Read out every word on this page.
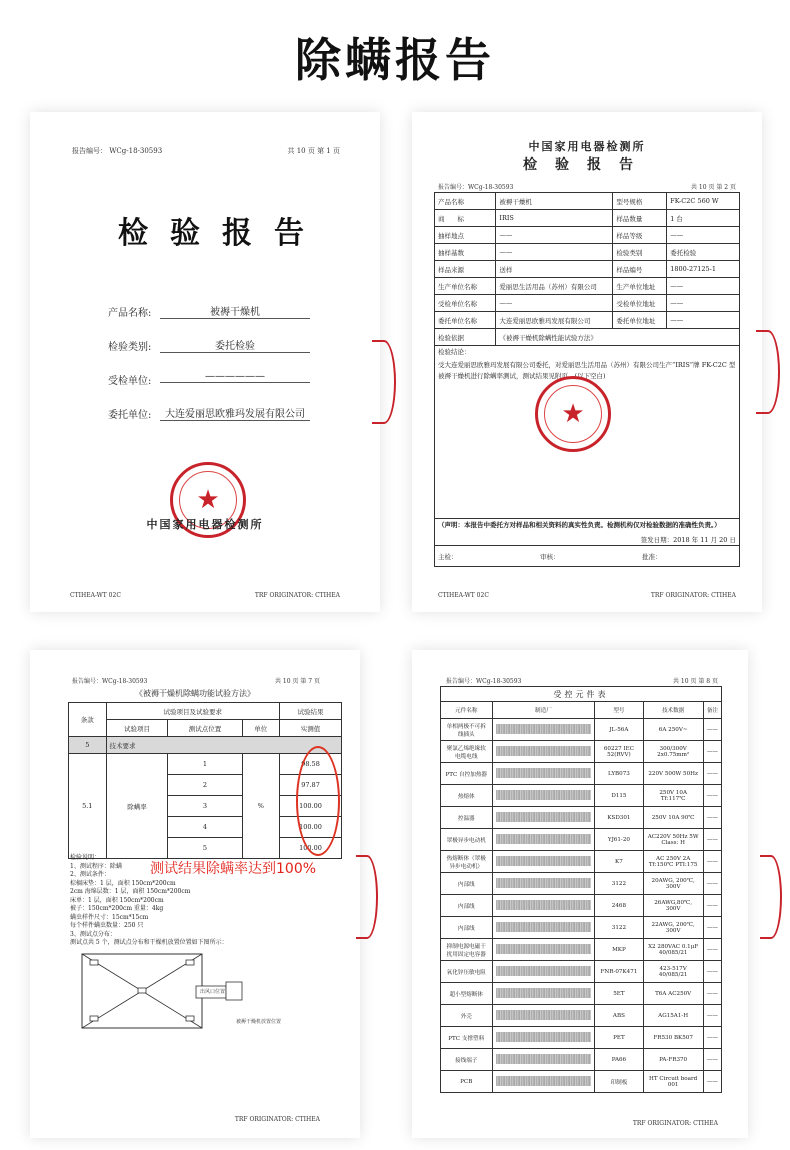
除螨报告
报告编号： WCg-18-30593	共 10 页 第 1 页
检验报告
产品名称:	被褥干燥机
检验类别:	委托检验
受检单位:	——————
委托单位:	大连爱丽思欧雅玛发展有限公司
★
中国家用电器检测所
CTIHEA-WT 02C	TRF ORIGINATOR: CTIHEA
中国家用电器检测所
检验报告
报告编号：WCg-18-30593	共 10 页 第 2 页
产品名称	被褥干燥机	型号规格	FK-C2C 560 W
商　　标	IRIS	样品数量	1 台
抽样地点	——	样品等级	——
抽样基数	——	检验类别	委托检验
样品来源	送样	样品编号	1800-27125-1
生产单位名称	爱丽思生活用品（苏州）有限公司	生产单位地址	——
受检单位名称	——	受检单位地址	——
委托单位名称	大连爱丽思欧雅玛发展有限公司	委托单位地址	——
检验依据	《被褥干燥机除螨性能试验方法》		

检验结论：
受大连爱丽思欧雅玛发展有限公司委托，对爱丽思生活用品（苏州）有限公司生产“IRIS”牌 FK-C2C 型被褥干燥机进行除螨率测试，测试结果见附页。(以下空白)
★			

（声明：本报告中委托方对样品和相关资料的真实性负责。检测机构仅对检验数据的准确性负责。）
签发日期：2018 年 11 月 20 日			

主检： 审核： 批准：			
CTIHEA-WT 02C	TRF ORIGINATOR: CTIHEA
报告编号：WCg-18-30593	共 10 页 第 7 页
《被褥干燥机除螨功能试验方法》
条款	试验项目及试验要求			试验结果
	试验项目	测试点位置	单位	实测值
5	技术要求			
5.1	除螨率	1	%	98.58
		2		97.87
		3		100.00
		4		100.00
		5		100.00
检验说明：
1、测试程序：除螨
2、测试条件：
棕榈床垫：1 层，面积 150cm*200cm
2cm 海绵层数：1 层，面积 150cm*200cm
床单：1 层，面积 150cm*200cm
被子：150cm*200cm 重量：4kg
螨虫样件尺寸：15cm*15cm
每个样件螨虫数量：250 只
3、测试点分布：
测试点共 5 个，测试点分布和干燥机放置位置如下图所示：
出风口位置
被褥干燥机放置位置
TRF ORIGINATOR: CTIHEA
测试结果除螨率达到100%
报告编号：WCg-18-30593	共 10 页 第 8 页
受控元件表				
元件名称	制造厂	型号	技术数据	备注
单相两极不可拆线插头		JL-56A	6A 250V~	——
聚氯乙烯绝缘软电缆电线		60227 IEC 52(RVV)	300/300V 2x0.75mm²	——
PTC 自控加热器		LYB073	220V 500W 50Hz	——
热熔体		D115	250V 10A Tf:117℃	——
控温器		KSD301	250V 10A 90℃	——
罩极异步电动机		YJ61-20	AC220V 50Hz 5W Class: H	——
热熔断体（罩极异步电动机）		K7	AC 250V 2A Tf:150℃ PTI:175	——
内部线		3122	20AWG, 200℃, 300V	——
内部线		2468	26AWG,80℃, 300V	——
内部线		3122	22AWG, 200℃, 300V	——
抑制电源电磁干扰用固定电容器		MKP	X2 280VAC 0.1μF 40/085/21	——
氧化锌压敏电阻		FNR-07K471	423-517V 40/085/21	——
超小型熔断体		5ET	T6A AC250V	——
外壳		ABS	AG15A1-H	——
PTC 支撑塑料		PET	FR530 BK507	——
接线端子		PA66	PA-FR370	——
PCB		印制板	HT Circuit board 001	——
TRF ORIGINATOR: CTIHEA
